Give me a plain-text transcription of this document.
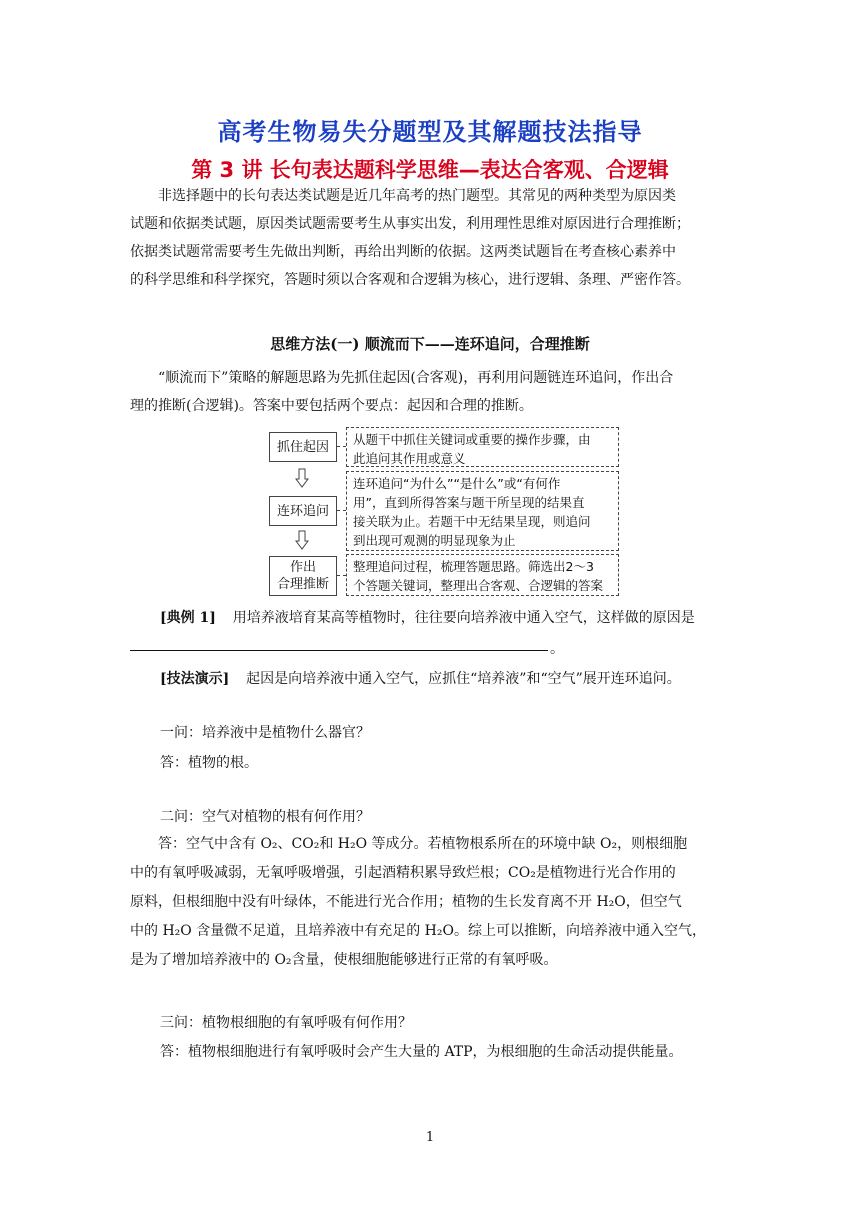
高考生物易失分题型及其解题技法指导
第 3 讲 长句表达题科学思维—表达合客观、合逻辑
非选择题中的长句表达类试题是近几年高考的热门题型。其常见的两种类型为原因类
试题和依据类试题，原因类试题需要考生从事实出发，利用理性思维对原因进行合理推断；
依据类试题常需要考生先做出判断，再给出判断的依据。这两类试题旨在考查核心素养中
的科学思维和科学探究，答题时须以合客观和合逻辑为核心，进行逻辑、条理、严密作答。
思维方法(一) 顺流而下——连环追问，合理推断
“顺流而下”策略的解题思路为先抓住起因(合客观)，再利用问题链连环追问，作出合
理的推断(合逻辑)。答案中要包括两个要点：起因和合理的推断。
抓住起因	从题干中抓住关键词或重要的操作步骤，由
此追问其作用或意义
连环追问
连环追问“为什么”“是什么”或“有何作
用”，直到所得答案与题干所呈现的结果直
接关联为止。若题干中无结果呈现，则追问
到出现可观测的明显现象为止
作出
合理推断
整理追问过程，梳理答题思路。筛选出2～3
个答题关键词，整理出合客观、合逻辑的答案
[典例 1] 用培养液培育某高等植物时，往往要向培养液中通入空气，这样做的原因是
。
[技法演示] 起因是向培养液中通入空气，应抓住“培养液”和“空气”展开连环追问。
一问：培养液中是植物什么器官？
答：植物的根。
二问：空气对植物的根有何作用？
答：空气中含有 O₂、CO₂和 H₂O 等成分。若植物根系所在的环境中缺 O₂，则根细胞
中的有氧呼吸减弱，无氧呼吸增强，引起酒精积累导致烂根；CO₂是植物进行光合作用的
原料，但根细胞中没有叶绿体，不能进行光合作用；植物的生长发育离不开 H₂O，但空气
中的 H₂O 含量微不足道，且培养液中有充足的 H₂O。综上可以推断，向培养液中通入空气，
是为了增加培养液中的 O₂含量，使根细胞能够进行正常的有氧呼吸。
三问：植物根细胞的有氧呼吸有何作用？
答：植物根细胞进行有氧呼吸时会产生大量的 ATP，为根细胞的生命活动提供能量。
1
